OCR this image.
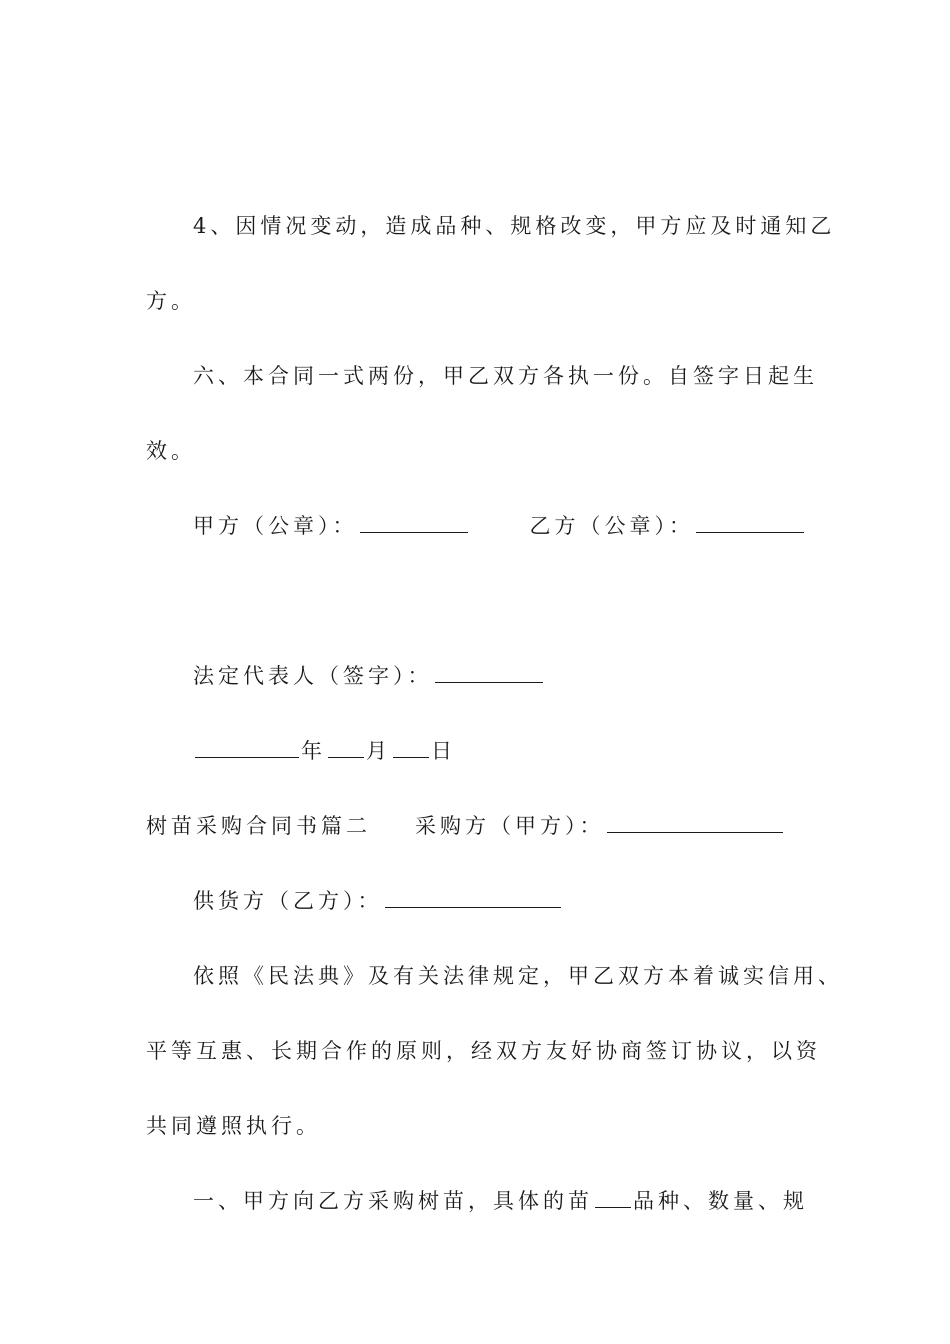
4、因情况变动，造成品种、规格改变，甲方应及时通知乙

方。

六、本合同一式两份，甲乙双方各执一份。自签字日起生

效。

甲方（公章）：	乙方（公章）：

法定代表人（签字）：

年 月 日

树苗采购合同书篇二 采购方（甲方）：

供货方（乙方）：

依照《民法典》及有关法律规定，甲乙双方本着诚实信用、

平等互惠、长期合作的原则，经双方友好协商签订协议，以资

共同遵照执行。

一、甲方向乙方采购树苗，具体的苗 品种、数量、规
